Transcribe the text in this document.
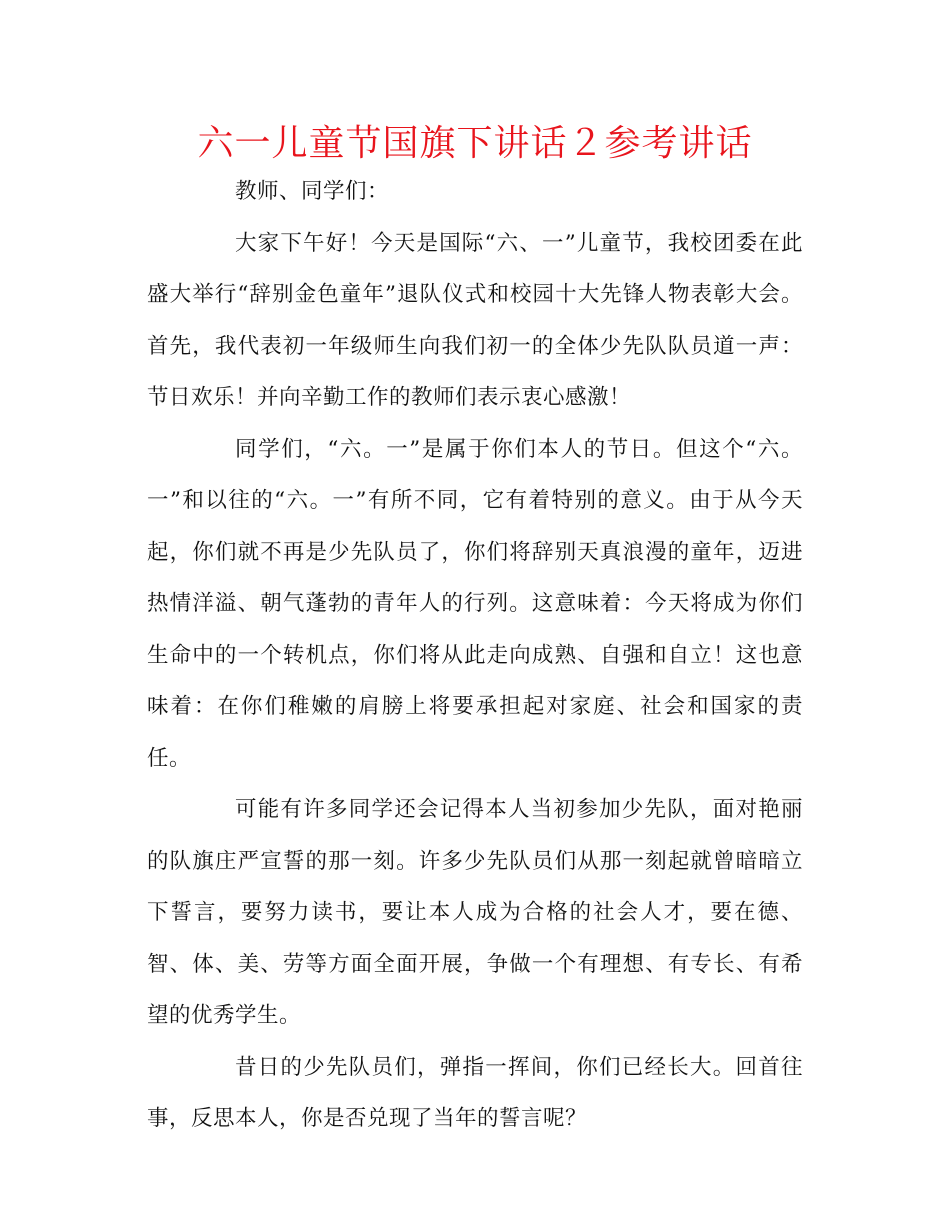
六一儿童节国旗下讲话２参考讲话

教师、同学们：

大家下午好！今天是国际“六、一”儿童节，我校团委在此盛大举行“辞别金色童年”退队仪式和校园十大先锋人物表彰大会。首先，我代表初一年级师生向我们初一的全体少先队队员道一声：节日欢乐！并向辛勤工作的教师们表示衷心感激！

同学们，“六。一”是属于你们本人的节日。但这个“六。一”和以往的“六。一”有所不同，它有着特别的意义。由于从今天起，你们就不再是少先队员了，你们将辞别天真浪漫的童年，迈进热情洋溢、朝气蓬勃的青年人的行列。这意味着：今天将成为你们生命中的一个转机点，你们将从此走向成熟、自强和自立！这也意味着：在你们稚嫩的肩膀上将要承担起对家庭、社会和国家的责任。

可能有许多同学还会记得本人当初参加少先队，面对艳丽的队旗庄严宣誓的那一刻。许多少先队员们从那一刻起就曾暗暗立下誓言，要努力读书，要让本人成为合格的社会人才，要在德、智、体、美、劳等方面全面开展，争做一个有理想、有专长、有希望的优秀学生。

昔日的少先队员们，弹指一挥间，你们已经长大。回首往事，反思本人，你是否兑现了当年的誓言呢？
